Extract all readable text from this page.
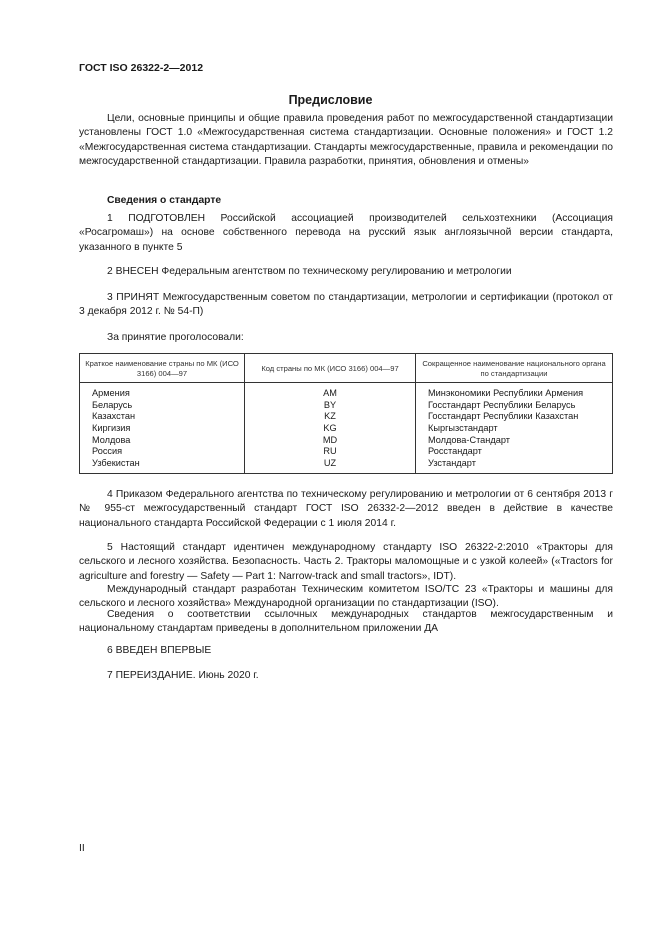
ГОСТ ISO 26322-2—2012
Предисловие

Цели, основные принципы и общие правила проведения работ по межгосударственной стандартизации установлены ГОСТ 1.0 «Межгосударственная система стандартизации. Основные положения» и ГОСТ 1.2 «Межгосударственная система стандартизации. Стандарты межгосударственные, правила и рекомендации по межгосударственной стандартизации. Правила разработки, принятия, обновления и отмены»

Сведения о стандарте

1 ПОДГОТОВЛЕН Российской ассоциацией производителей сельхозтехники (Ассоциация «Росагромаш») на основе собственного перевода на русский язык англоязычной версии стандарта, указанного в пункте 5

2 ВНЕСЕН Федеральным агентством по техническому регулированию и метрологии

3 ПРИНЯТ Межгосударственным советом по стандартизации, метрологии и сертификации (протокол от 3 декабря 2012 г. № 54-П)

За принятие проголосовали:
Краткое наименование страны по МК (ИСО 3166) 004—97	Код страны по МК (ИСО 3166) 004—97	Сокращенное наименование национального органа по стандартизации
Армения	AM	Минэкономики Республики Армения
Беларусь	BY	Госстандарт Республики Беларусь
Казахстан	KZ	Госстандарт Республики Казахстан
Киргизия	KG	Кыргызстандарт
Молдова	MD	Молдова-Стандарт
Россия	RU	Росстандарт
Узбекистан	UZ	Узстандарт

4 Приказом Федерального агентства по техническому регулированию и метрологии от 6 сентября 2013 г № 955-ст межгосударственный стандарт ГОСТ ISO 26332-2—2012 введен в действие в качестве национального стандарта Российской Федерации с 1 июля 2014 г.

5 Настоящий стандарт идентичен международному стандарту ISO 26322-2:2010 «Тракторы для сельского и лесного хозяйства. Безопасность. Часть 2. Тракторы маломощные и с узкой колеей» («Tractors for agriculture and forestry — Safety — Part 1: Narrow-track and small tractors», IDT).

Международный стандарт разработан Техническим комитетом ISO/TC 23 «Тракторы и машины для сельского и лесного хозяйства» Международной организации по стандартизации (ISO).

Сведения о соответствии ссылочных международных стандартов межгосударственным и национальному стандартам приведены в дополнительном приложении ДА

6 ВВЕДЕН ВПЕРВЫЕ
7 ПЕРЕИЗДАНИЕ. Июнь 2020 г.
II
